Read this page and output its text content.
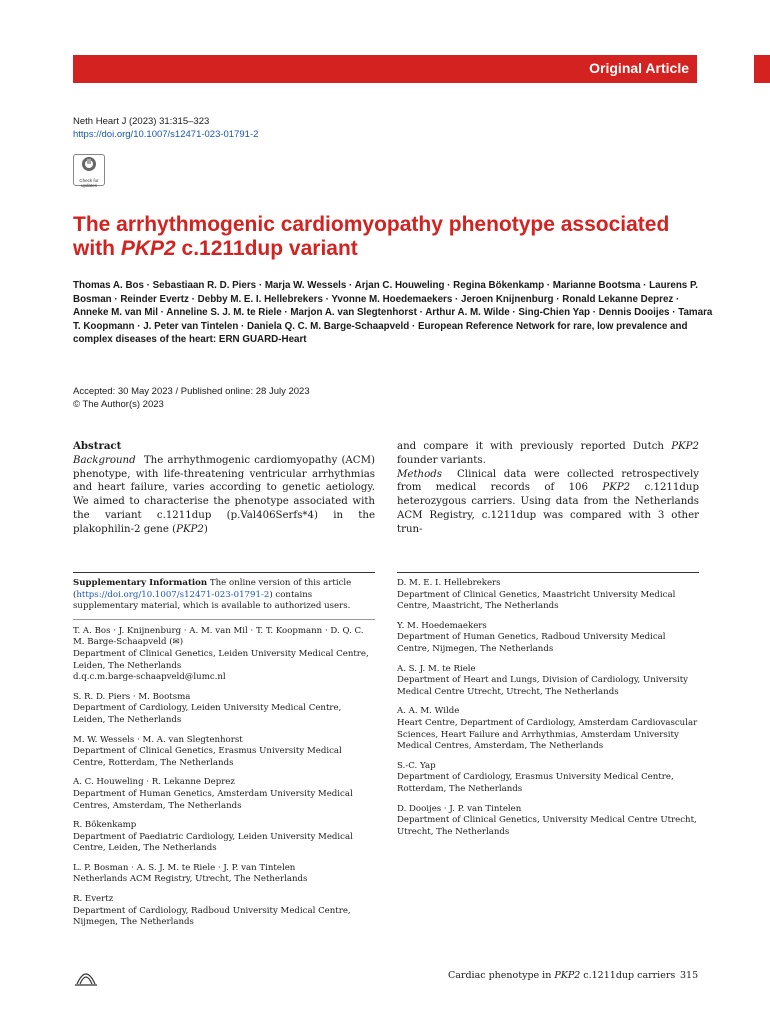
Original Article
Neth Heart J (2023) 31:315–323
https://doi.org/10.1007/s12471-023-01791-2
Check for
updates
The arrhythmogenic cardiomyopathy phenotype associated with PKP2 c.1211dup variant
Thomas A. Bos · Sebastiaan R. D. Piers · Marja W. Wessels · Arjan C. Houweling · Regina Bökenkamp · Marianne Bootsma · Laurens P. Bosman · Reinder Evertz · Debby M. E. I. Hellebrekers · Yvonne M. Hoedemaekers · Jeroen Knijnenburg · Ronald Lekanne Deprez · Anneke M. van Mil · Anneline S. J. M. te Riele · Marjon A. van Slegtenhorst · Arthur A. M. Wilde · Sing-Chien Yap · Dennis Dooijes · Tamara T. Koopmann · J. Peter van Tintelen · Daniela Q. C. M. Barge-Schaapveld · European Reference Network for rare, low prevalence and complex diseases of the heart: ERN GUARD-Heart
Accepted: 30 May 2023 / Published online: 28 July 2023
© The Author(s) 2023
Abstract
Background The arrhythmogenic cardiomyopathy (ACM) phenotype, with life-threatening ventricular arrhythmias and heart failure, varies according to genetic aetiology. We aimed to characterise the phenotype associated with the variant c.1211dup (p.Val406Serfs*4) in the plakophilin-2 gene (PKP2)
and compare it with previously reported Dutch PKP2 founder variants.
Methods Clinical data were collected retrospectively from medical records of 106 PKP2 c.1211dup heterozygous carriers. Using data from the Netherlands ACM Registry, c.1211dup was compared with 3 other trun-
Supplementary Information The online version of this article (https://doi.org/10.1007/s12471-023-01791-2) contains supplementary material, which is available to authorized users.
T. A. Bos · J. Knijnenburg · A. M. van Mil · T. T. Koopmann · D. Q. C. M. Barge-Schaapveld (✉)
Department of Clinical Genetics, Leiden University Medical Centre, Leiden, The Netherlands
d.q.c.m.barge-schaapveld@lumc.nl
S. R. D. Piers · M. Bootsma
Department of Cardiology, Leiden University Medical Centre, Leiden, The Netherlands
M. W. Wessels · M. A. van Slegtenhorst
Department of Clinical Genetics, Erasmus University Medical Centre, Rotterdam, The Netherlands
A. C. Houweling · R. Lekanne Deprez
Department of Human Genetics, Amsterdam University Medical Centres, Amsterdam, The Netherlands
R. Bökenkamp
Department of Paediatric Cardiology, Leiden University Medical Centre, Leiden, The Netherlands
L. P. Bosman · A. S. J. M. te Riele · J. P. van Tintelen
Netherlands ACM Registry, Utrecht, The Netherlands
R. Evertz
Department of Cardiology, Radboud University Medical Centre, Nijmegen, The Netherlands
D. M. E. I. Hellebrekers
Department of Clinical Genetics, Maastricht University Medical Centre, Maastricht, The Netherlands
Y. M. Hoedemaekers
Department of Human Genetics, Radboud University Medical Centre, Nijmegen, The Netherlands
A. S. J. M. te Riele
Department of Heart and Lungs, Division of Cardiology, University Medical Centre Utrecht, Utrecht, The Netherlands
A. A. M. Wilde
Heart Centre, Department of Cardiology, Amsterdam Cardiovascular Sciences, Heart Failure and Arrhythmias, Amsterdam University Medical Centres, Amsterdam, The Netherlands
S.-C. Yap
Department of Cardiology, Erasmus University Medical Centre, Rotterdam, The Netherlands
D. Dooijes · J. P. van Tintelen
Department of Clinical Genetics, University Medical Centre Utrecht, Utrecht, The Netherlands
Cardiac phenotype in PKP2 c.1211dup carriers 315
